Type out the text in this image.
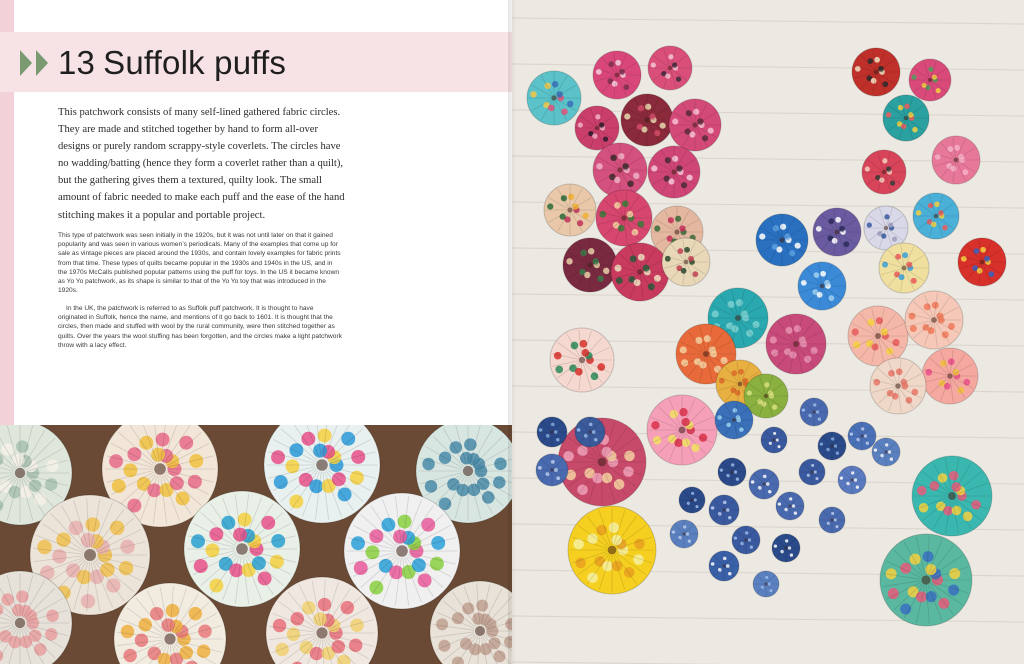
13 Suffolk puffs

This patchwork consists of many self-lined gathered fabric circles. They are made and stitched together by hand to form all-over designs or purely random scrappy-style coverlets. The circles have no wadding/batting (hence they form a coverlet rather than a quilt), but the gathering gives them a textured, quilty look. The small amount of fabric needed to make each puff and the ease of the hand stitching makes it a popular and portable project.

This type of patchwork was seen initially in the 1920s, but it was not until later on that it gained popularity and was seen in various women’s periodicals. Many of the examples that come up for sale as vintage pieces are placed around the 1930s, and contain lovely examples for fabric prints from that time. These types of quilts became popular in the 1930s and 1940s in the US, and in the 1970s McCalls published popular patterns using the puff for toys. In the US it became known as Yo Yo patchwork, as its shape is similar to that of the Yo Yo toy that was introduced in the 1920s.

In the UK, the patchwork is referred to as Suffolk puff patchwork. It is thought to have originated in Suffolk, hence the name, and mentions of it go back to 1601. It is thought that the circles, then made and stuffed with wool by the rural community, were then stitched together as quilts. Over the years the wool stuffing has been forgotten, and the circles make a light patchwork throw with a lacy effect.
